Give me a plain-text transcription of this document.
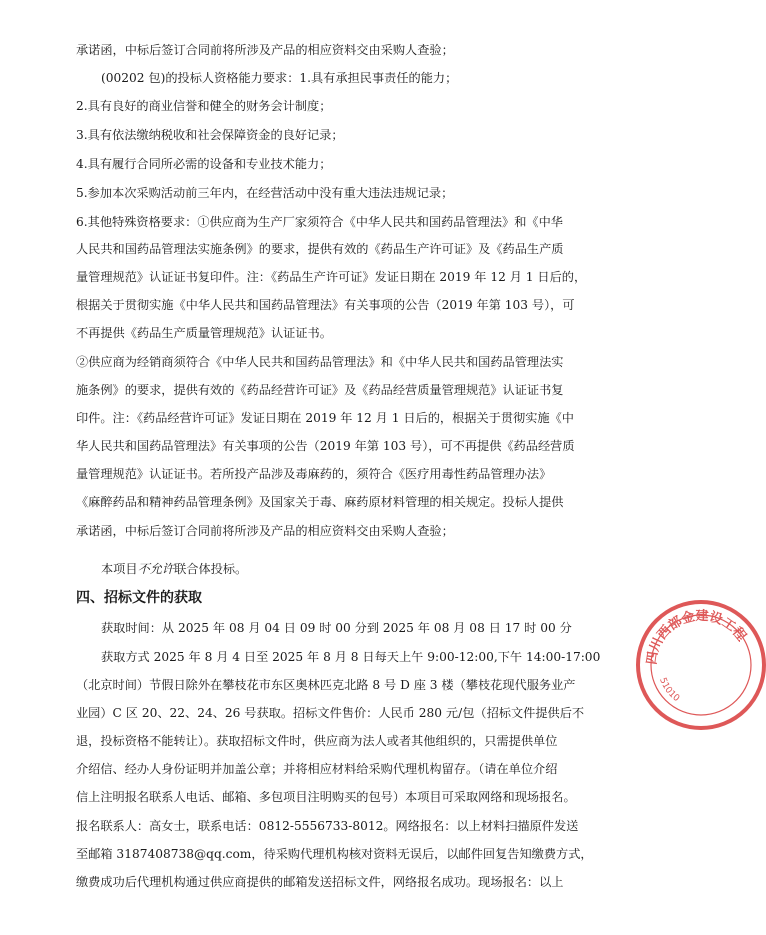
承诺函，中标后签订合同前将所涉及产品的相应资料交由采购人查验；
(00202 包)的投标人资格能力要求：1.具有承担民事责任的能力；
2.具有良好的商业信誉和健全的财务会计制度；
3.具有依法缴纳税收和社会保障资金的良好记录；
4.具有履行合同所必需的设备和专业技术能力；
5.参加本次采购活动前三年内，在经营活动中没有重大违法违规记录；
6.其他特殊资格要求：①供应商为生产厂家须符合《中华人民共和国药品管理法》和《中华
人民共和国药品管理法实施条例》的要求，提供有效的《药品生产许可证》及《药品生产质
量管理规范》认证证书复印件。注：《药品生产许可证》发证日期在 2019 年 12 月 1 日后的，
根据关于贯彻实施《中华人民共和国药品管理法》有关事项的公告（2019 年第 103 号），可
不再提供《药品生产质量管理规范》认证证书。
②供应商为经销商须符合《中华人民共和国药品管理法》和《中华人民共和国药品管理法实
施条例》的要求，提供有效的《药品经营许可证》及《药品经营质量管理规范》认证证书复
印件。注：《药品经营许可证》发证日期在 2019 年 12 月 1 日后的，根据关于贯彻实施《中
华人民共和国药品管理法》有关事项的公告（2019 年第 103 号），可不再提供《药品经营质
量管理规范》认证证书。若所投产品涉及毒麻药的，须符合《医疗用毒性药品管理办法》
《麻醉药品和精神药品管理条例》及国家关于毒、麻药原材料管理的相关规定。投标人提供
承诺函，中标后签订合同前将所涉及产品的相应资料交由采购人查验；
本项目不允许联合体投标。
四、招标文件的获取
获取时间：从 2025 年 08 月 04 日 09 时 00 分到 2025 年 08 月 08 日 17 时 00 分
获取方式 2025 年 8 月 4 日至 2025 年 8 月 8 日每天上午 9:00-12:00,下午 14:00-17:00
（北京时间）节假日除外在攀枝花市东区奥林匹克北路 8 号 D 座 3 楼（攀枝花现代服务业产
业园）C 区 20、22、24、26 号获取。招标文件售价：人民币 280 元/包（招标文件提供后不
退，投标资格不能转让）。获取招标文件时，供应商为法人或者其他组织的，只需提供单位
介绍信、经办人身份证明并加盖公章；并将相应材料给采购代理机构留存。（请在单位介绍
信上注明报名联系人电话、邮箱、多包项目注明购买的包号）本项目可采取网络和现场报名。
报名联系人：高女士，联系电话：0812-5556733-8012。网络报名：以上材料扫描原件发送
至邮箱 3187408738@qq.com，待采购代理机构核对资料无误后，以邮件回复告知缴费方式，
缴费成功后代理机构通过供应商提供的邮箱发送招标文件，网络报名成功。现场报名：以上
四川西部金建设工程
51010
